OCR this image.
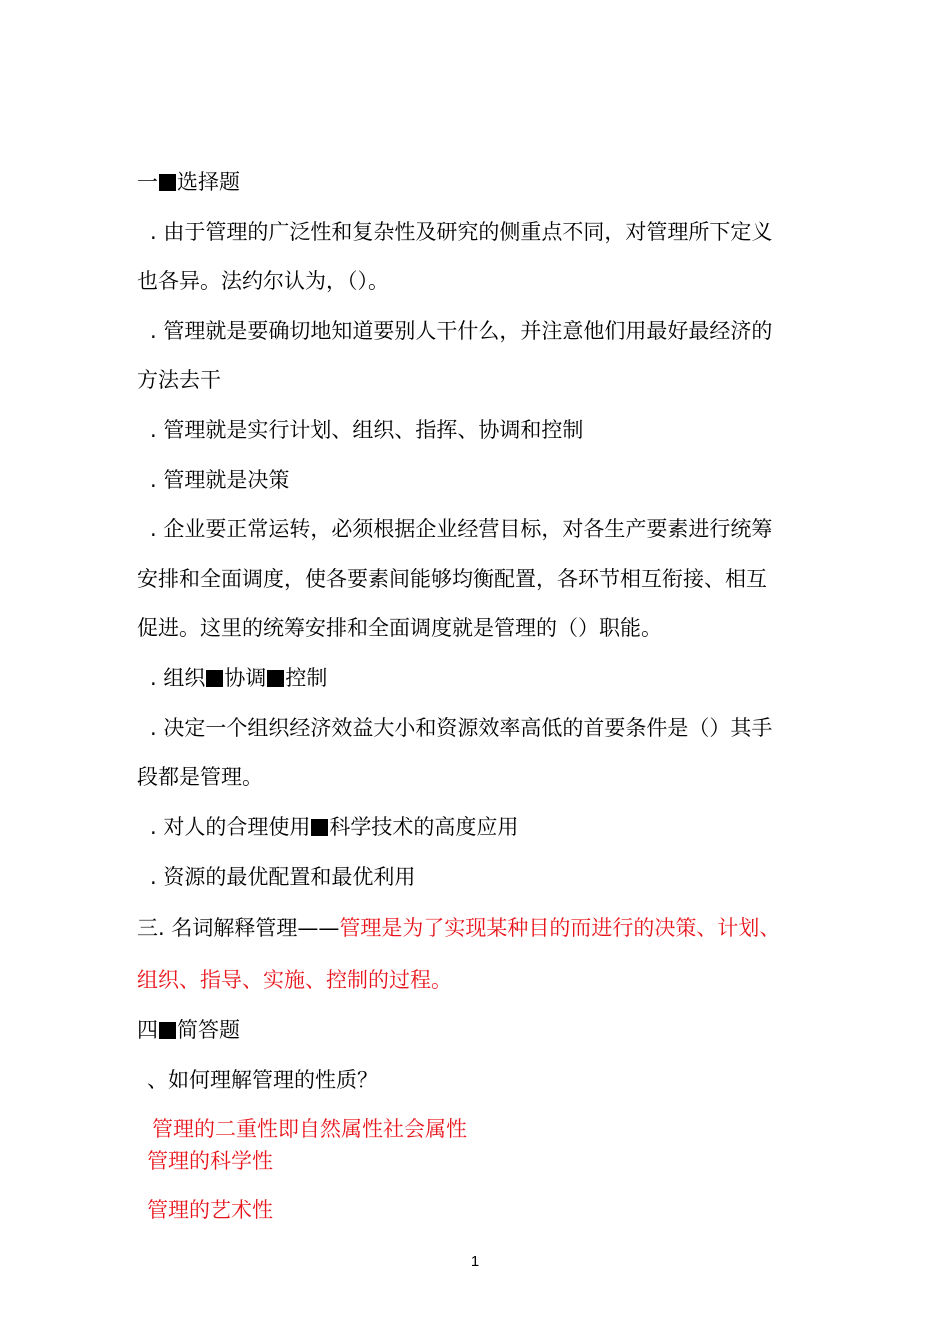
一 选择题
. 由于管理的广泛性和复杂性及研究的侧重点不同，对管理所下定义
也各异。法约尔认为，（）。
. 管理就是要确切地知道要别人干什么，并注意他们用最好最经济的
方法去干
. 管理就是实行计划、组织、指挥、协调和控制
. 管理就是决策
. 企业要正常运转，必须根据企业经营目标，对各生产要素进行统筹
安排和全面调度，使各要素间能够均衡配置，各环节相互衔接、相互
促进。这里的统筹安排和全面调度就是管理的（）职能。
. 组织 协调 控制
. 决定一个组织经济效益大小和资源效率高低的首要条件是（）其手
段都是管理。
. 对人的合理使用 科学技术的高度应用
. 资源的最优配置和最优利用
三. 名词解释管理——管理是为了实现某种目的而进行的决策、计划、
组织、指导、实施、控制的过程。
四 简答题
、如何理解管理的性质？
管理的二重性即自然属性社会属性
管理的科学性
管理的艺术性
1
